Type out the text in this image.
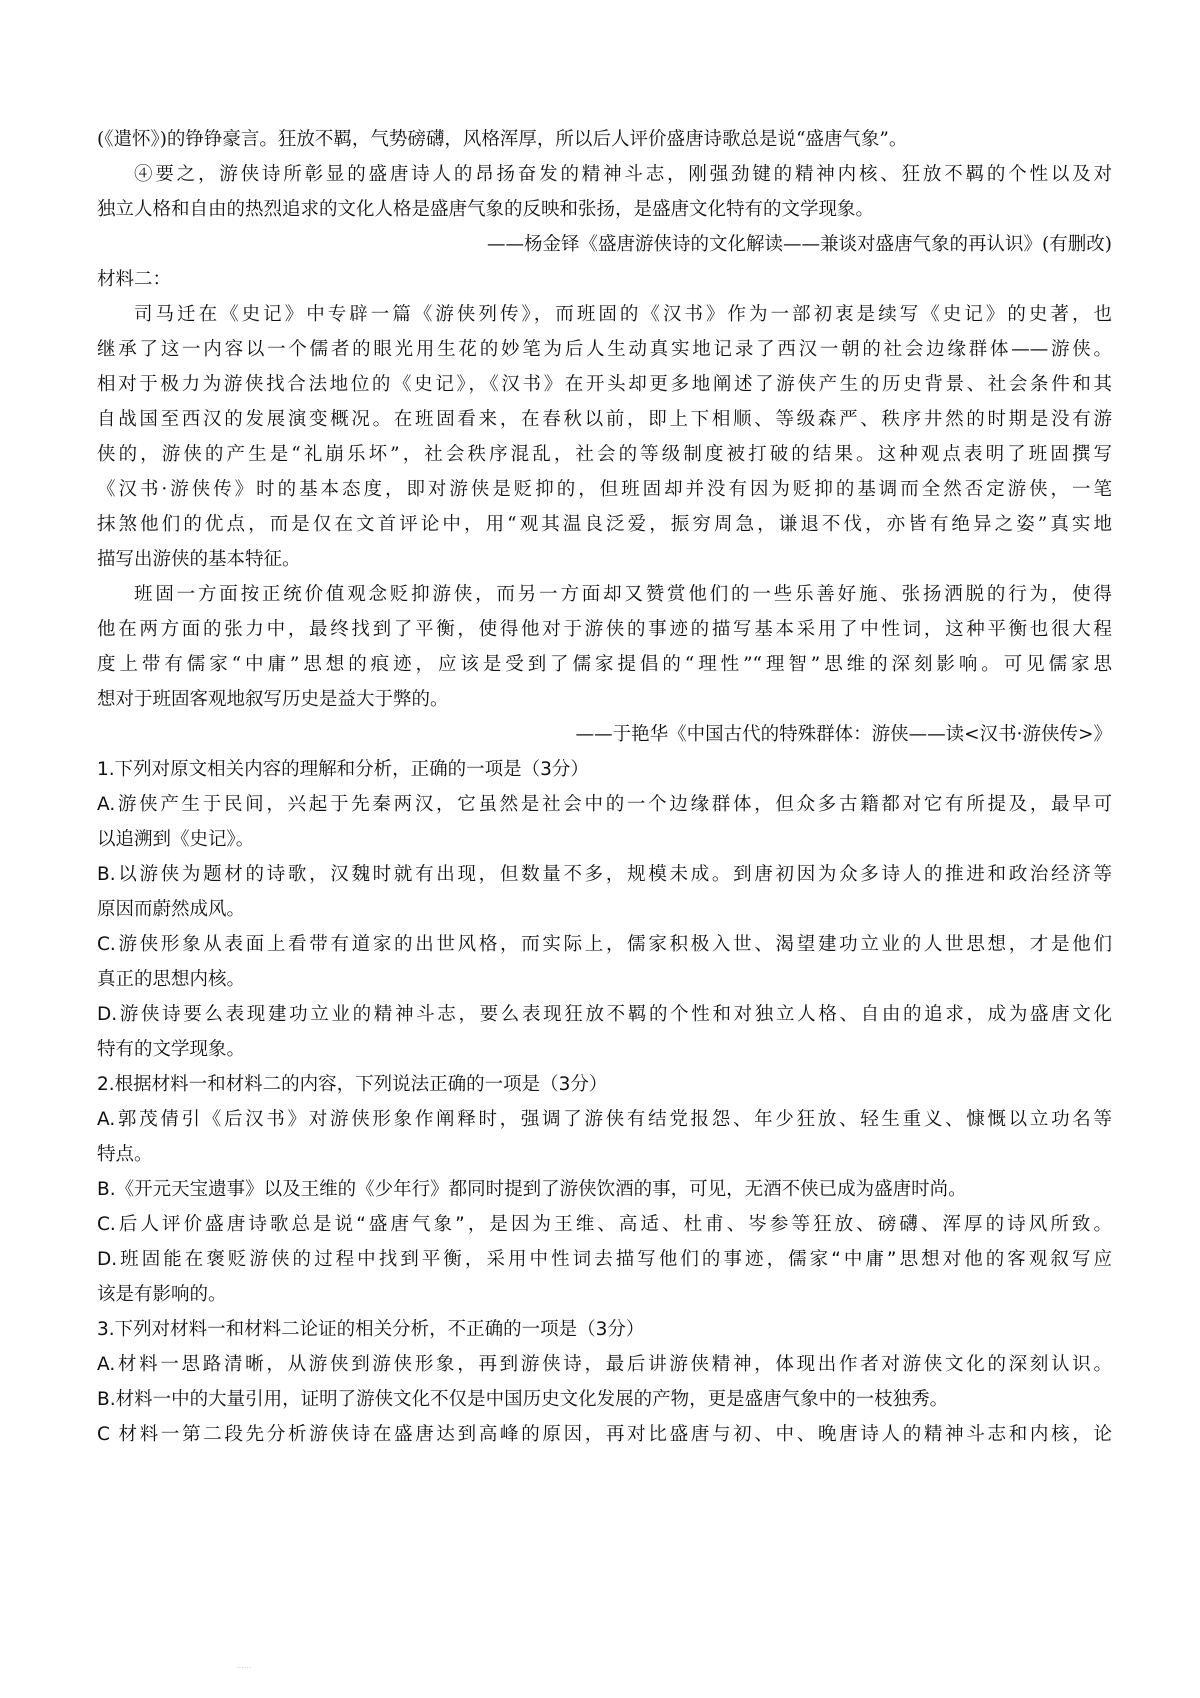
(《遣怀》)的铮铮豪言。狂放不羁，气势磅礴，风格浑厚，所以后人评价盛唐诗歌总是说“盛唐气象”。
④要之，游侠诗所彰显的盛唐诗人的昂扬奋发的精神斗志，刚强劲键的精神内核、狂放不羁的个性以及对
独立人格和自由的热烈追求的文化人格是盛唐气象的反映和张扬，是盛唐文化特有的文学现象。
——杨金铎《盛唐游侠诗的文化解读——兼谈对盛唐气象的再认识》(有删改)
材料二：
司马迁在《史记》中专辟一篇《游侠列传》，而班固的《汉书》作为一部初衷是续写《史记》的史著，也
继承了这一内容以一个儒者的眼光用生花的妙笔为后人生动真实地记录了西汉一朝的社会边缘群体——游侠。
相对于极力为游侠找合法地位的《史记》，《汉书》在开头却更多地阐述了游侠产生的历史背景、社会条件和其
自战国至西汉的发展演变概况。在班固看来，在春秋以前，即上下相顺、等级森严、秩序井然的时期是没有游
侠的，游侠的产生是“礼崩乐坏”，社会秩序混乱，社会的等级制度被打破的结果。这种观点表明了班固撰写
《汉书·游侠传》时的基本态度，即对游侠是贬抑的，但班固却并没有因为贬抑的基调而全然否定游侠，一笔
抹煞他们的优点，而是仅在文首评论中，用“观其温良泛爱，振穷周急，谦退不伐，亦皆有绝异之姿”真实地
描写出游侠的基本特征。
班固一方面按正统价值观念贬抑游侠，而另一方面却又赞赏他们的一些乐善好施、张扬洒脱的行为，使得
他在两方面的张力中，最终找到了平衡，使得他对于游侠的事迹的描写基本采用了中性词，这种平衡也很大程
度上带有儒家“中庸”思想的痕迹，应该是受到了儒家提倡的“理性”“理智”思维的深刻影响。可见儒家思
想对于班固客观地叙写历史是益大于弊的。
——于艳华《中国古代的特殊群体：游侠——读<汉书·游侠传>》
1.下列对原文相关内容的理解和分析，正确的一项是（3分）
A.游侠产生于民间，兴起于先秦两汉，它虽然是社会中的一个边缘群体，但众多古籍都对它有所提及，最早可
以追溯到《史记》。
B.以游侠为题材的诗歌，汉魏时就有出现，但数量不多，规模未成。到唐初因为众多诗人的推进和政治经济等
原因而蔚然成风。
C.游侠形象从表面上看带有道家的出世风格，而实际上，儒家积极入世、渴望建功立业的人世思想，才是他们
真正的思想内核。
D.游侠诗要么表现建功立业的精神斗志，要么表现狂放不羁的个性和对独立人格、自由的追求，成为盛唐文化
特有的文学现象。
2.根据材料一和材料二的内容，下列说法正确的一项是（3分）
A.郭茂倩引《后汉书》对游侠形象作阐释时，强调了游侠有结党报怨、年少狂放、轻生重义、慷慨以立功名等
特点。
B.《开元天宝遗事》以及王维的《少年行》都同时提到了游侠饮酒的事，可见，无酒不侠已成为盛唐时尚。
C.后人评价盛唐诗歌总是说“盛唐气象”，是因为王维、高适、杜甫、岑参等狂放、磅礴、浑厚的诗风所致。
D.班固能在褒贬游侠的过程中找到平衡，采用中性词去描写他们的事迹，儒家“中庸”思想对他的客观叙写应
该是有影响的。
3.下列对材料一和材料二论证的相关分析，不正确的一项是（3分）
A.材料一思路清晰，从游侠到游侠形象，再到游侠诗，最后讲游侠精神，体现出作者对游侠文化的深刻认识。
B.材料一中的大量引用，证明了游侠文化不仅是中国历史文化发展的产物，更是盛唐气象中的一枝独秀。
C 材料一第二段先分析游侠诗在盛唐达到高峰的原因，再对比盛唐与初、中、晚唐诗人的精神斗志和内核，论
......
